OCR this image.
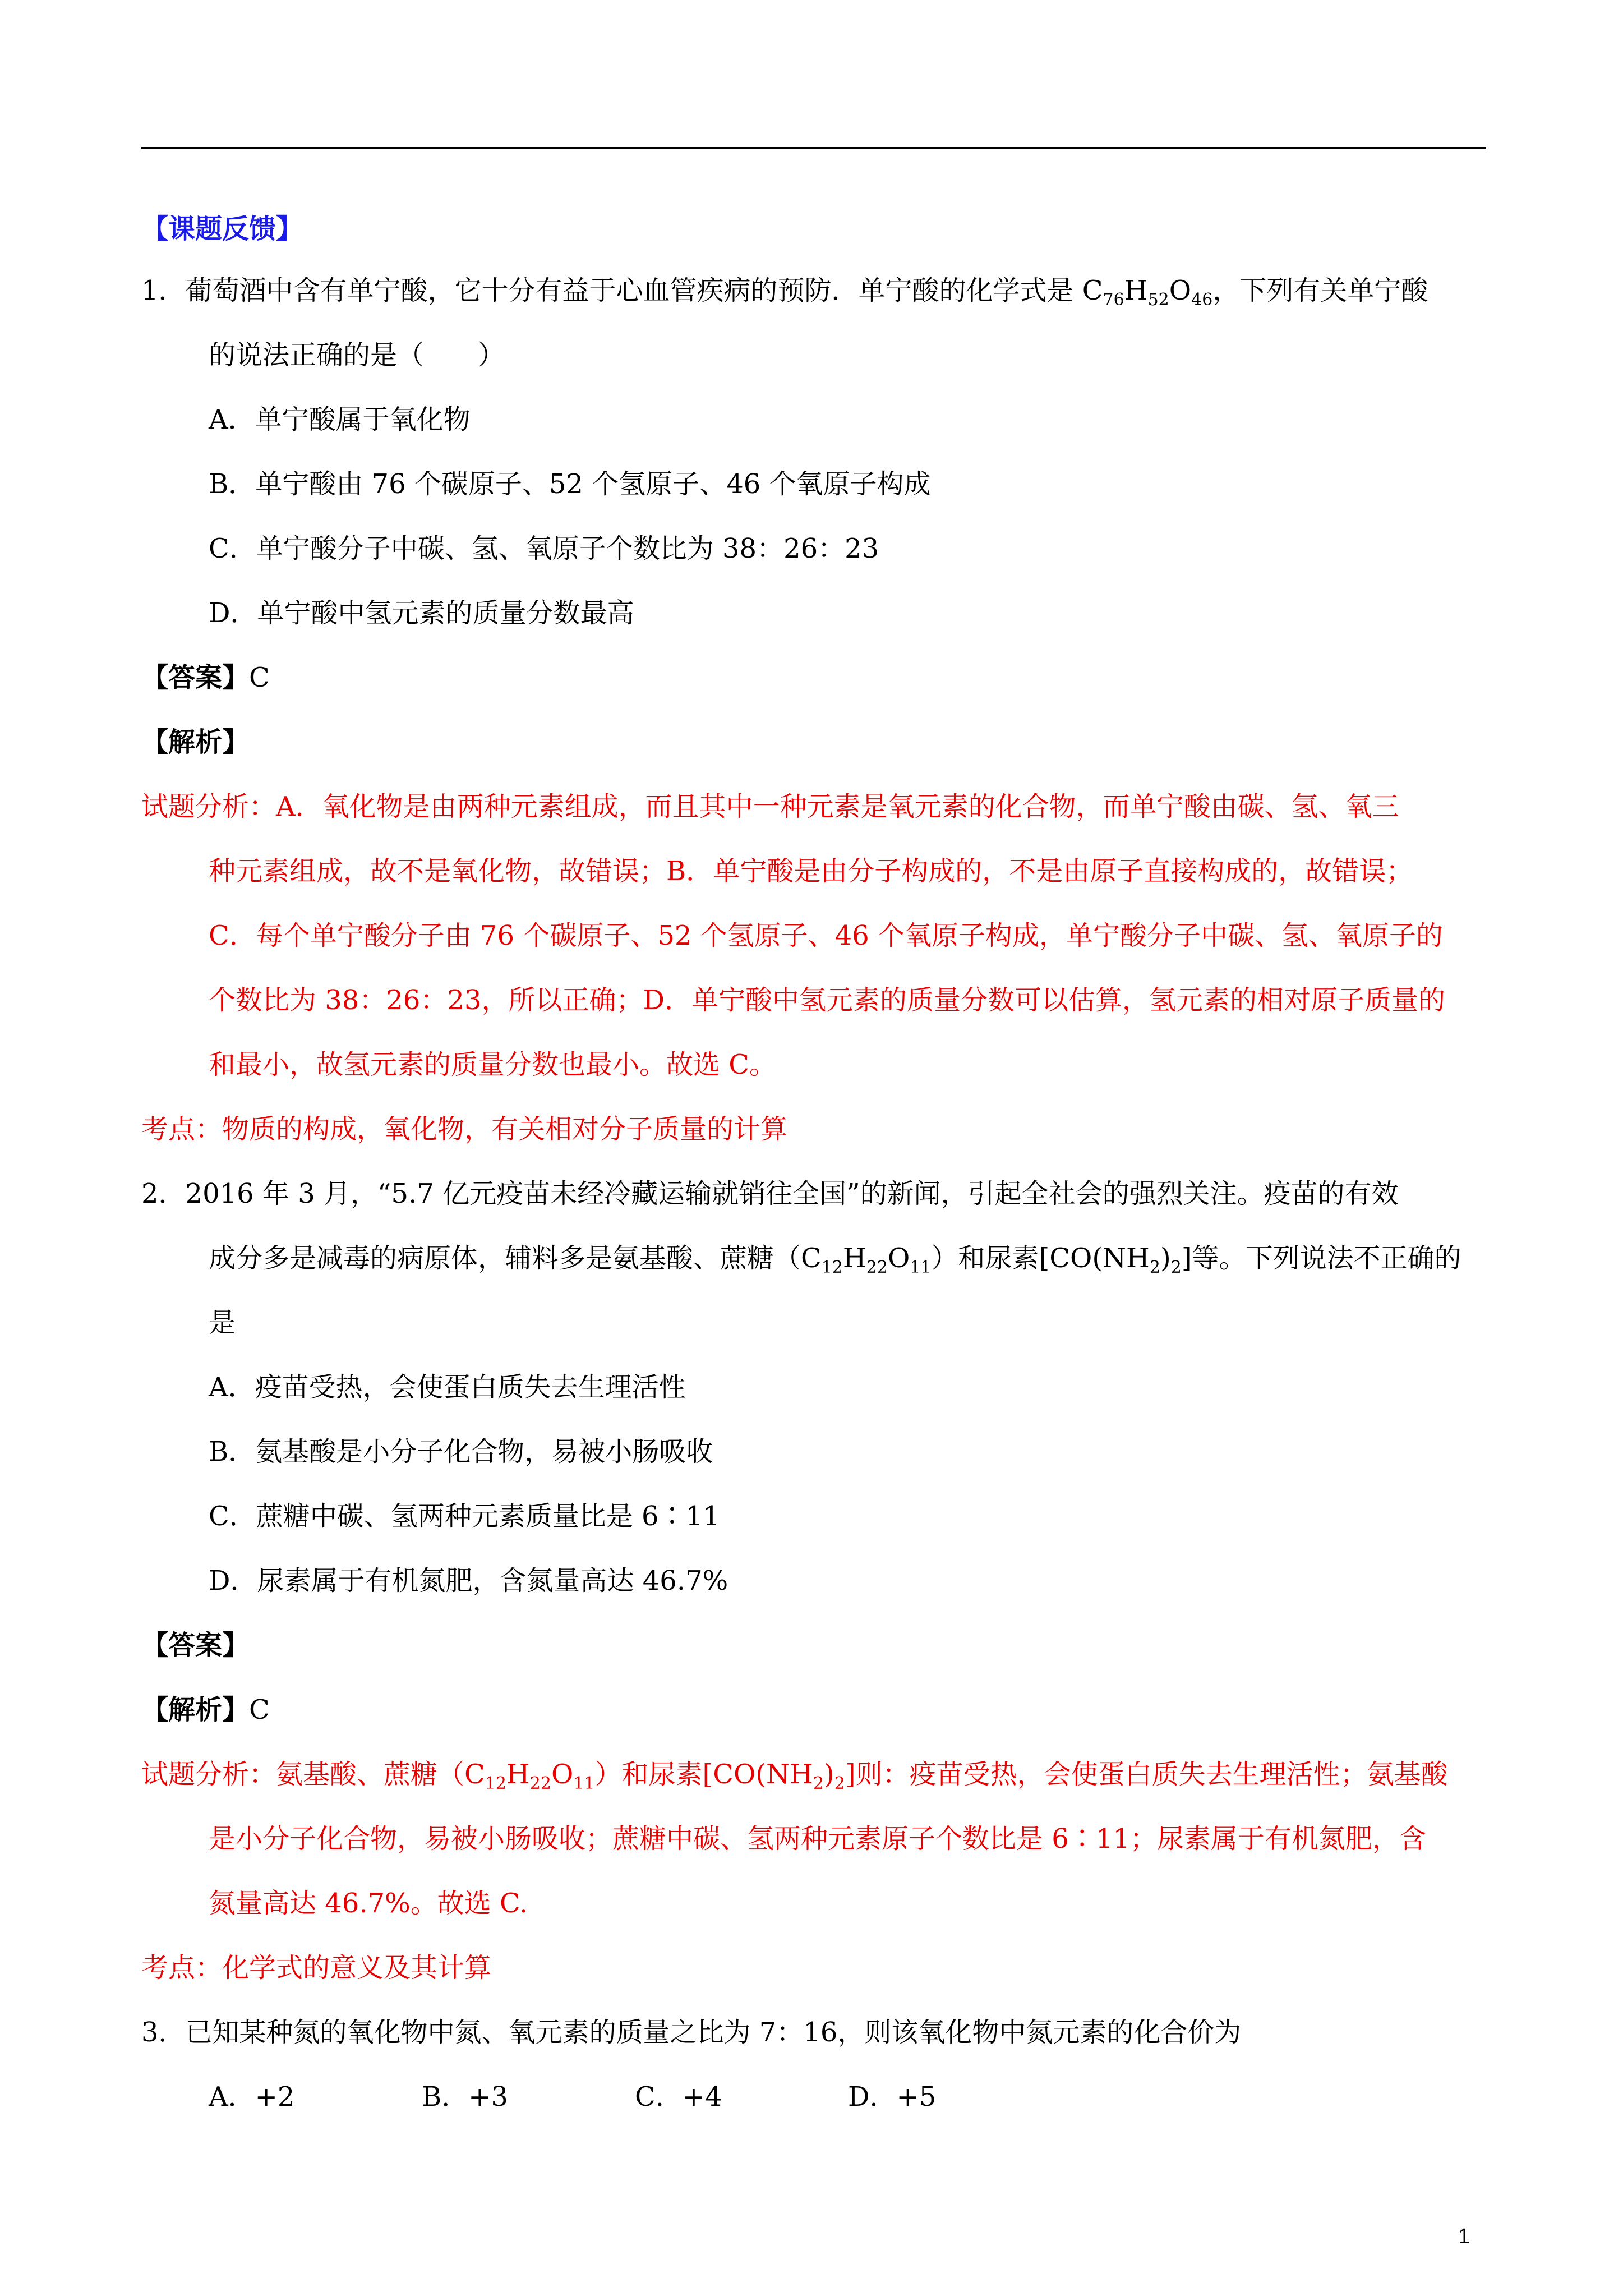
【课题反馈】
1．葡萄酒中含有单宁酸，它十分有益于心血管疾病的预防．单宁酸的化学式是 $C_{76}H_{52}O_{46}$，下列有关单宁酸
的说法正确的是（　　）
A．单宁酸属于氧化物
B．单宁酸由 76 个碳原子、52 个氢原子、46 个氧原子构成
C．单宁酸分子中碳、氢、氧原子个数比为 38：26：23
D．单宁酸中氢元素的质量分数最高
【答案】C
【解析】
试题分析：A．氧化物是由两种元素组成，而且其中一种元素是氧元素的化合物，而单宁酸由碳、氢、氧三
种元素组成，故不是氧化物，故错误；B．单宁酸是由分子构成的，不是由原子直接构成的，故错误；
C．每个单宁酸分子由 76 个碳原子、52 个氢原子、46 个氧原子构成，单宁酸分子中碳、氢、氧原子的
个数比为 38：26：23，所以正确；D．单宁酸中氢元素的质量分数可以估算，氢元素的相对原子质量的
和最小，故氢元素的质量分数也最小。故选 C。
考点：物质的构成，氧化物，有关相对分子质量的计算
2．2016 年 3 月，“5.7 亿元疫苗未经冷藏运输就销往全国”的新闻，引起全社会的强烈关注。疫苗的有效
成分多是减毒的病原体，辅料多是氨基酸、蔗糖$(C_{12}H_{22}O_{11})$和尿素$[CO(NH_2)_2]$等。下列说法不正确的
是
A．疫苗受热，会使蛋白质失去生理活性
B．氨基酸是小分子化合物，易被小肠吸收
C．蔗糖中碳、氢两种元素质量比是 6∶11
D．尿素属于有机氮肥，含氮量高达 46.7%
【答案】
【解析】C
试题分析：氨基酸、蔗糖$(C_{12}H_{22}O_{11})$和尿素$[CO(NH_2)_2]$则：疫苗受热，会使蛋白质失去生理活性；氨基酸
是小分子化合物，易被小肠吸收；蔗糖中碳、氢两种元素原子个数比是 6∶11；尿素属于有机氮肥，含
氮量高达 46.7%。故选 C.
考点：化学式的意义及其计算
3．已知某种氮的氧化物中氮、氧元素的质量之比为 7：16，则该氧化物中氮元素的化合价为
A．+2	B．+3	C．+4	D．+5
1
